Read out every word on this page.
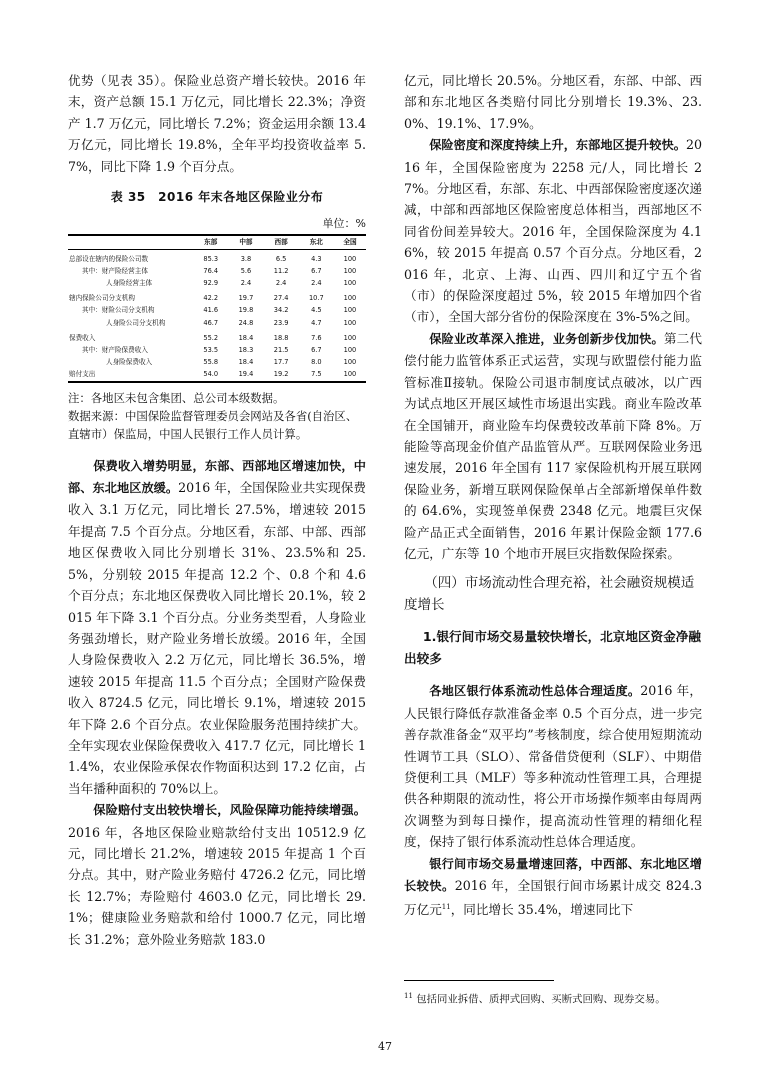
优势（见表 35）。保险业总资产增长较快。2016 年末，资产总额 15.1 万亿元，同比增长 22.3%；净资产 1.7 万亿元，同比增长 7.2%；资金运用余额 13.4 万亿元，同比增长 19.8%，全年平均投资收益率 5.7%，同比下降 1.9 个百分点。

表 35　2016 年末各地区保险业分布
单位：%
	东部	中部	西部	东北	全国
总部设在辖内的保险公司数	85.3	3.8	6.5	4.3	100
其中：财产险经营主体	76.4	5.6	11.2	6.7	100
人身险经营主体	92.9	2.4	2.4	2.4	100
辖内保险公司分支机构	42.2	19.7	27.4	10.7	100
其中：财险公司分支机构	41.6	19.8	34.2	4.5	100
人身险公司分支机构	46.7	24.8	23.9	4.7	100
保费收入	55.2	18.4	18.8	7.6	100
其中：财产险保费收入	53.5	18.3	21.5	6.7	100
人身险保费收入	55.8	18.4	17.7	8.0	100
赔付支出	54.0	19.4	19.2	7.5	100
注：各地区未包含集团、总公司本级数据。
数据来源：中国保险监督管理委员会网站及各省(自治区、直辖市）保监局，中国人民银行工作人员计算。

保费收入增势明显，东部、西部地区增速加快，中部、东北地区放缓。2016 年，全国保险业共实现保费收入 3.1 万亿元，同比增长 27.5%，增速较 2015 年提高 7.5 个百分点。分地区看，东部、中部、西部地区保费收入同比分别增长 31%、23.5%和 25.5%，分别较 2015 年提高 12.2 个、0.8 个和 4.6 个百分点；东北地区保费收入同比增长 20.1%，较 2015 年下降 3.1 个百分点。分业务类型看，人身险业务强劲增长，财产险业务增长放缓。2016 年，全国人身险保费收入 2.2 万亿元，同比增长 36.5%，增速较 2015 年提高 11.5 个百分点；全国财产险保费收入 8724.5 亿元，同比增长 9.1%，增速较 2015 年下降 2.6 个百分点。农业保险服务范围持续扩大。全年实现农业保险保费收入 417.7 亿元，同比增长 11.4%，农业保险承保农作物面积达到 17.2 亿亩，占当年播种面积的 70%以上。

保险赔付支出较快增长，风险保障功能持续增强。2016 年，各地区保险业赔款给付支出 10512.9 亿元，同比增长 21.2%，增速较 2015 年提高 1 个百分点。其中，财产险业务赔付 4726.2 亿元，同比增长 12.7%；寿险赔付 4603.0 亿元，同比增长 29.1%；健康险业务赔款和给付 1000.7 亿元，同比增长 31.2%；意外险业务赔款 183.0

亿元，同比增长 20.5%。分地区看，东部、中部、西部和东北地区各类赔付同比分别增长 19.3%、23.0%、19.1%、17.9%。

保险密度和深度持续上升，东部地区提升较快。2016 年，全国保险密度为 2258 元/人，同比增长 27%。分地区看，东部、东北、中西部保险密度逐次递减，中部和西部地区保险密度总体相当，西部地区不同省份间差异较大。2016 年，全国保险深度为 4.16%，较 2015 年提高 0.57 个百分点。分地区看，2016 年，北京、上海、山西、四川和辽宁五个省（市）的保险深度超过 5%，较 2015 年增加四个省（市），全国大部分省份的保险深度在 3%-5%之间。

保险业改革深入推进，业务创新步伐加快。第二代偿付能力监管体系正式运营，实现与欧盟偿付能力监管标准Ⅱ接轨。保险公司退市制度试点破冰，以广西为试点地区开展区域性市场退出实践。商业车险改革在全国铺开，商业险车均保费较改革前下降 8%。万能险等高现金价值产品监管从严。互联网保险业务迅速发展，2016 年全国有 117 家保险机构开展互联网保险业务，新增互联网保险保单占全部新增保单件数的 64.6%，实现签单保费 2348 亿元。地震巨灾保险产品正式全面销售，2016 年累计保险金额 177.6 亿元，广东等 10 个地市开展巨灾指数保险探索。

（四）市场流动性合理充裕，社会融资规模适度增长
1.银行间市场交易量较快增长，北京地区资金净融出较多

各地区银行体系流动性总体合理适度。2016 年，人民银行降低存款准备金率 0.5 个百分点，进一步完善存款准备金“双平均”考核制度，综合使用短期流动性调节工具（SLO）、常备借贷便利（SLF）、中期借贷便利工具（MLF）等多种流动性管理工具，合理提供各种期限的流动性，将公开市场操作频率由每周两次调整为到每日操作，提高流动性管理的精细化程度，保持了银行体系流动性总体合理适度。

银行间市场交易量增速回落，中西部、东北地区增长较快。2016 年，全国银行间市场累计成交 824.3 万亿元$^{11}$，同比增长 35.4%，增速同比下

$^{11}$ 包括同业拆借、质押式回购、买断式回购、现券交易。
47
